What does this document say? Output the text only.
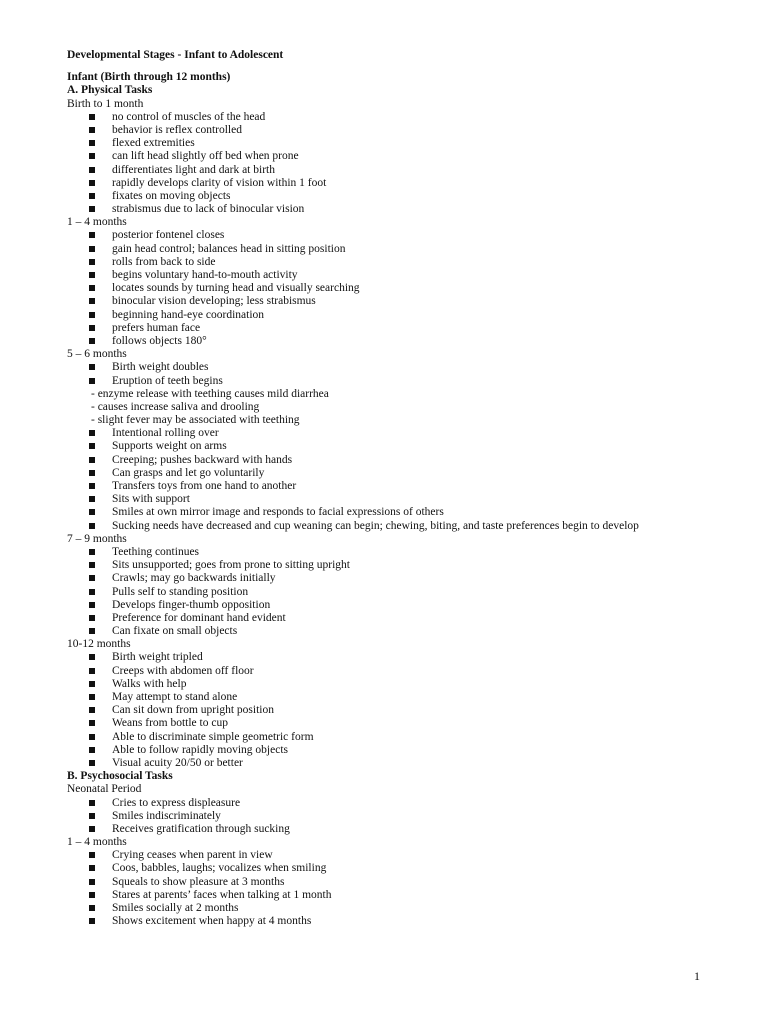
Developmental Stages - Infant to Adolescent
Infant (Birth through 12 months)
A. Physical Tasks
Birth to 1 month
no control of muscles of the head
behavior is reflex controlled
flexed extremities
can lift head slightly off bed when prone
differentiates light and dark at birth
rapidly develops clarity of vision within 1 foot
fixates on moving objects
strabismus due to lack of binocular vision
1 – 4 months
posterior fontenel closes
gain head control; balances head in sitting position
rolls from back to side
begins voluntary hand-to-mouth activity
locates sounds by turning head and visually searching
binocular vision developing; less strabismus
beginning hand-eye coordination
prefers human face
follows objects 180°
5 – 6 months
Birth weight doubles
Eruption of teeth begins
- enzyme release with teething causes mild diarrhea
- causes increase saliva and drooling
- slight fever may be associated with teething
Intentional rolling over
Supports weight on arms
Creeping; pushes backward with hands
Can grasps and let go voluntarily
Transfers toys from one hand to another
Sits with support
Smiles at own mirror image and responds to facial expressions of others
Sucking needs have decreased and cup weaning can begin; chewing, biting, and taste preferences begin to develop
7 – 9 months
Teething continues
Sits unsupported; goes from prone to sitting upright
Crawls; may go backwards initially
Pulls self to standing position
Develops finger-thumb opposition
Preference for dominant hand evident
Can fixate on small objects
10-12 months
Birth weight tripled
Creeps with abdomen off floor
Walks with help
May attempt to stand alone
Can sit down from upright position
Weans from bottle to cup
Able to discriminate simple geometric form
Able to follow rapidly moving objects
Visual acuity 20/50 or better
B. Psychosocial Tasks
Neonatal Period
Cries to express displeasure
Smiles indiscriminately
Receives gratification through sucking
1 – 4 months
Crying ceases when parent in view
Coos, babbles, laughs; vocalizes when smiling
Squeals to show pleasure at 3 months
Stares at parents’ faces when talking at 1 month
Smiles socially at 2 months
Shows excitement when happy at 4 months
1
